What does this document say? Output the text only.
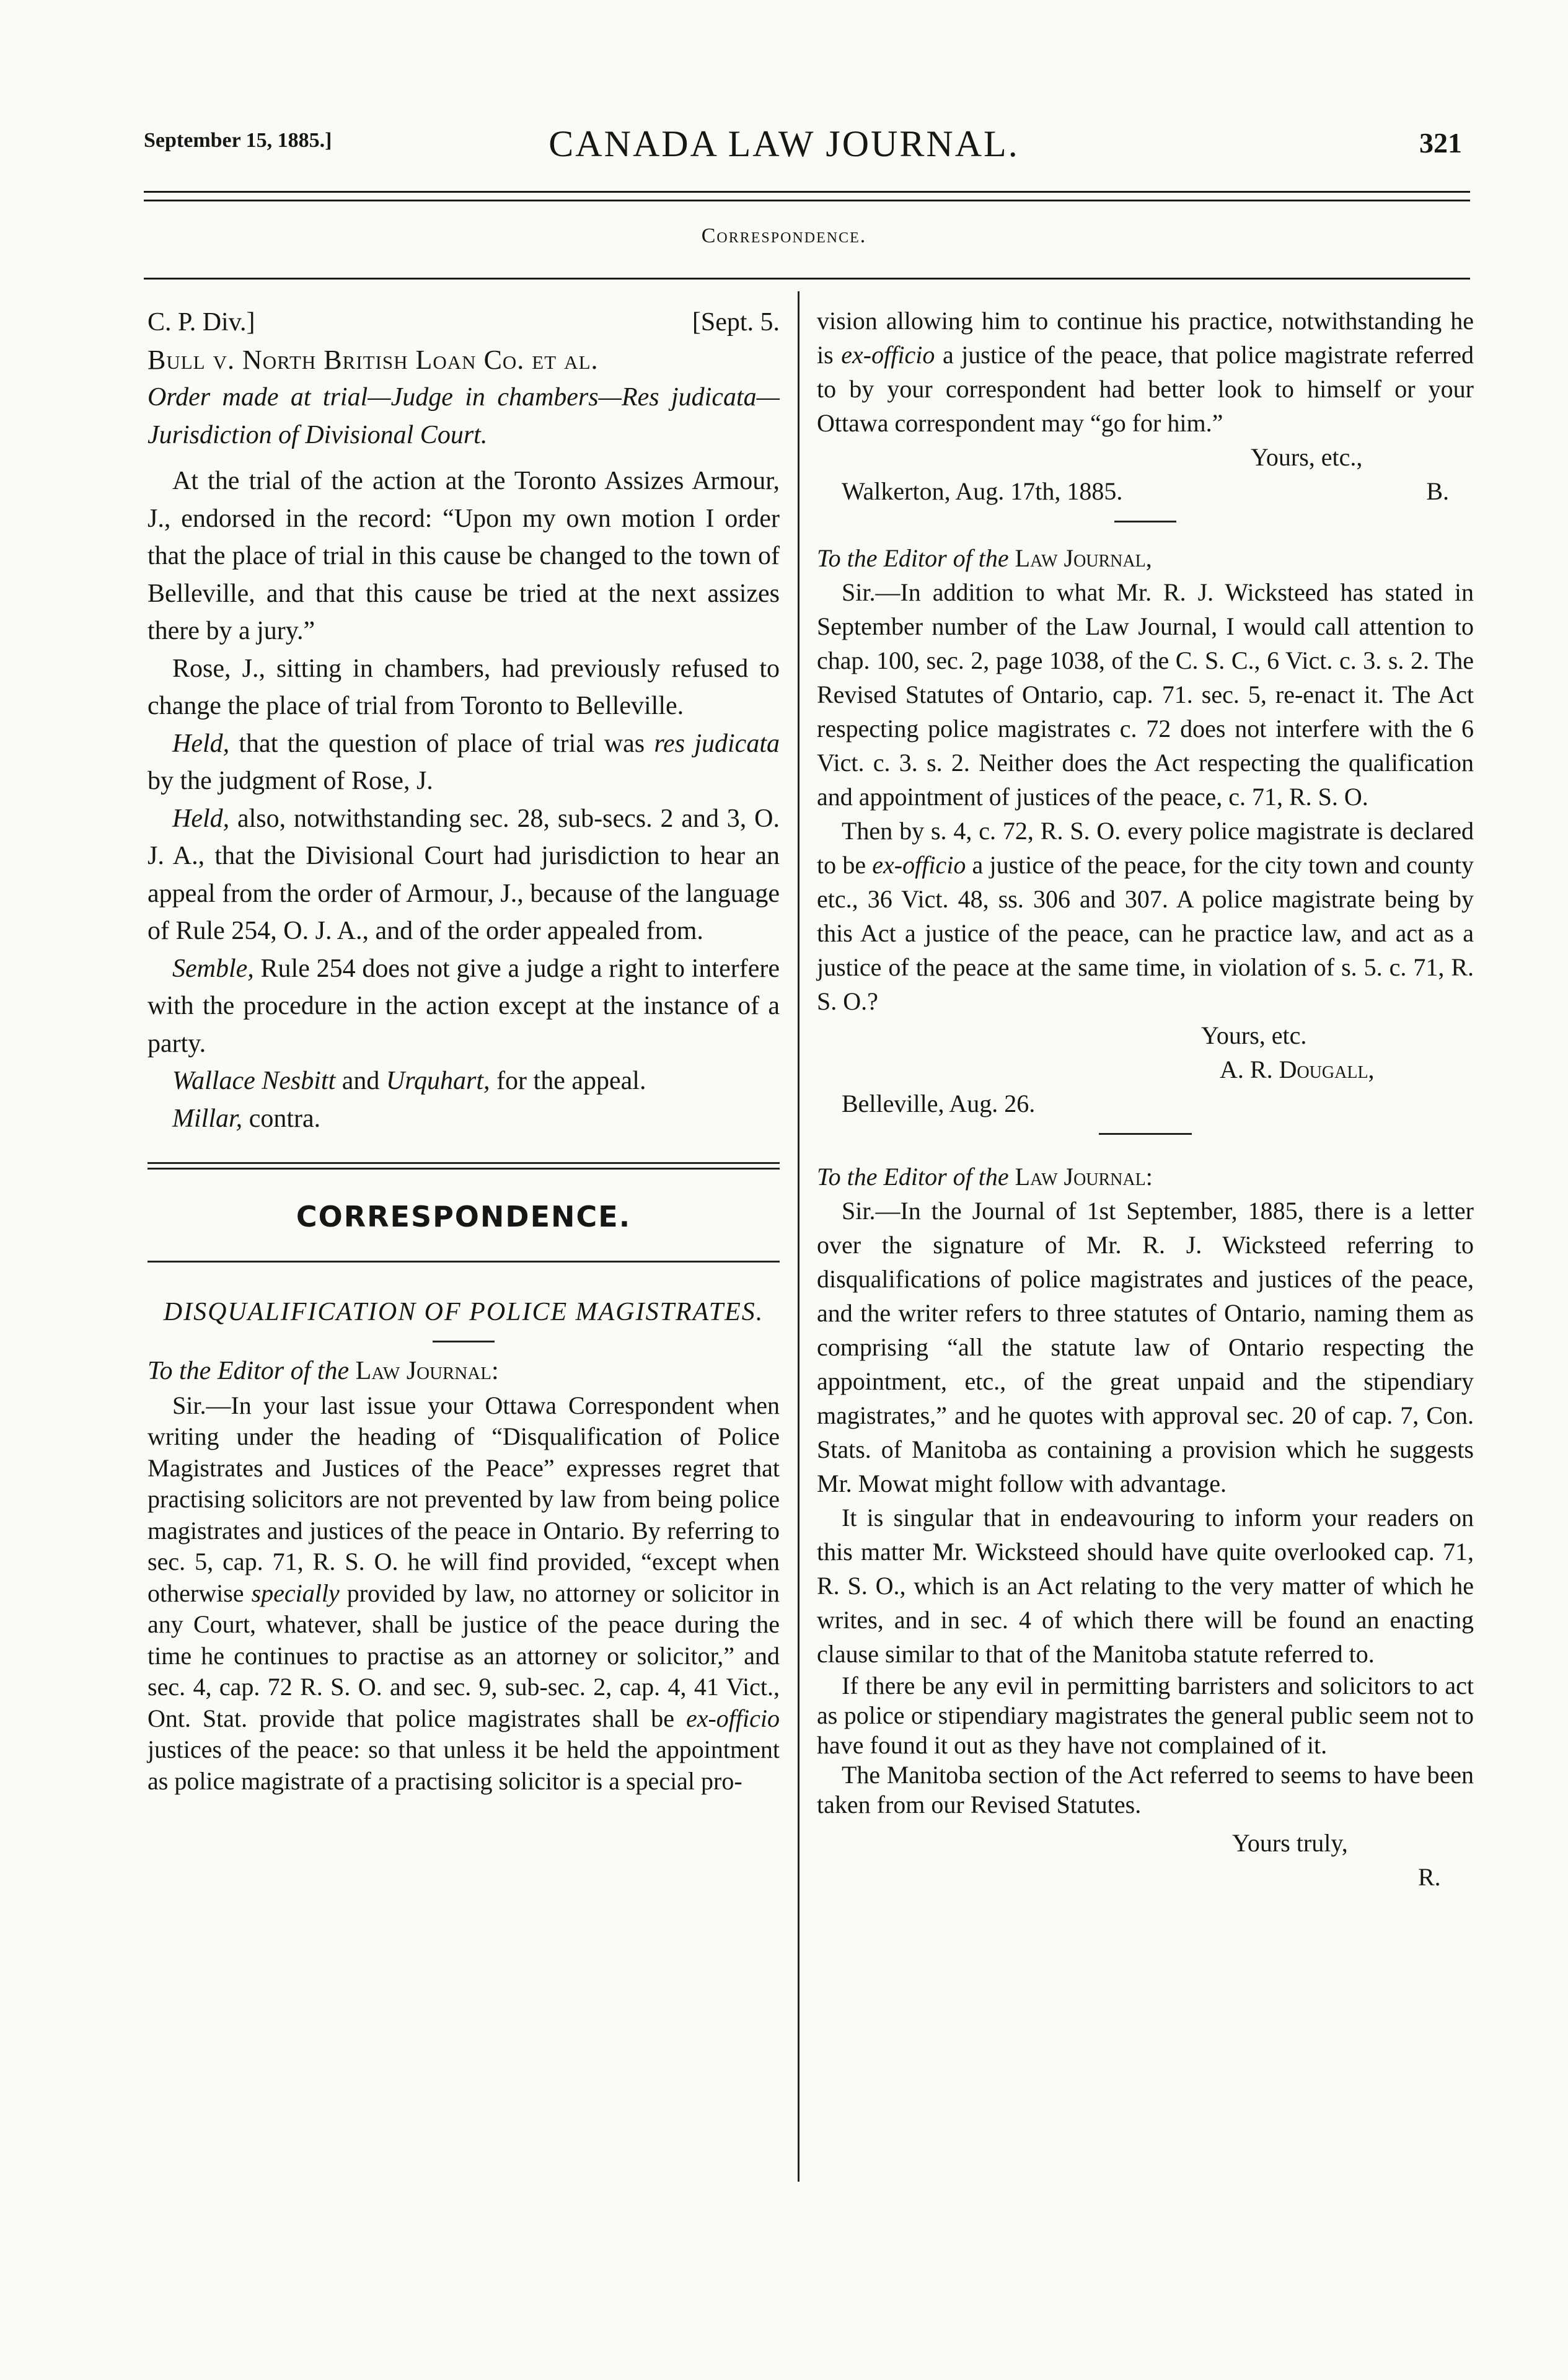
September 15, 1885.]	CANADA LAW JOURNAL.	321
Correspondence.
C. P. Div.]	[Sept. 5.

Bull v. North British Loan Co. et al.

Order made at trial—Judge in chambers—Res judicata—Jurisdiction of Divisional Court.

At the trial of the action at the Toronto Assizes Armour, J., endorsed in the record: “Upon my own motion I order that the place of trial in this cause be changed to the town of Belleville, and that this cause be tried at the next assizes there by a jury.”

Rose, J., sitting in chambers, had previously refused to change the place of trial from Toronto to Belleville.

Held, that the question of place of trial was res judicata by the judgment of Rose, J.

Held, also, notwithstanding sec. 28, sub-secs. 2 and 3, O. J. A., that the Divisional Court had jurisdiction to hear an appeal from the order of Armour, J., because of the language of Rule 254, O. J. A., and of the order appealed from.

Semble, Rule 254 does not give a judge a right to interfere with the procedure in the action except at the instance of a party.

Wallace Nesbitt and Urquhart, for the appeal.

Millar, contra.

CORRESPONDENCE.

DISQUALIFICATION OF POLICE MAGISTRATES.

To the Editor of the Law Journal:

Sir.—In your last issue your Ottawa Correspondent when writing under the heading of “Disqualification of Police Magistrates and Justices of the Peace” expresses regret that practising solicitors are not prevented by law from being police magistrates and justices of the peace in Ontario. By referring to sec. 5, cap. 71, R. S. O. he will find provided, “except when otherwise specially provided by law, no attorney or solicitor in any Court, whatever, shall be justice of the peace during the time he continues to practise as an attorney or solicitor,” and sec. 4, cap. 72 R. S. O. and sec. 9, sub-sec. 2, cap. 4, 41 Vict., Ont. Stat. provide that police magistrates shall be ex-officio justices of the peace: so that unless it be held the appointment as police magistrate of a practising solicitor is a special pro-

vision allowing him to continue his practice, notwithstanding he is ex-officio a justice of the peace, that police magistrate referred to by your correspondent had better look to himself or your Ottawa correspondent may “go for him.”

Yours, etc.,

Walkerton, Aug. 17th, 1885.	B.

To the Editor of the Law Journal,

Sir.—In addition to what Mr. R. J. Wicksteed has stated in September number of the Law Journal, I would call attention to chap. 100, sec. 2, page 1038, of the C. S. C., 6 Vict. c. 3. s. 2. The Revised Statutes of Ontario, cap. 71. sec. 5, re-enact it. The Act respecting police magistrates c. 72 does not interfere with the 6 Vict. c. 3. s. 2. Neither does the Act respecting the qualification and appointment of justices of the peace, c. 71, R. S. O.

Then by s. 4, c. 72, R. S. O. every police magistrate is declared to be ex-officio a justice of the peace, for the city town and county etc., 36 Vict. 48, ss. 306 and 307. A police magistrate being by this Act a justice of the peace, can he practice law, and act as a justice of the peace at the same time, in violation of s. 5. c. 71, R. S. O.?

Yours, etc.

A. R. Dougall,

Belleville, Aug. 26.

To the Editor of the Law Journal:

Sir.—In the Journal of 1st September, 1885, there is a letter over the signature of Mr. R. J. Wicksteed referring to disqualifications of police magistrates and justices of the peace, and the writer refers to three statutes of Ontario, naming them as comprising “all the statute law of Ontario respecting the appointment, etc., of the great unpaid and the stipendiary magistrates,” and he quotes with approval sec. 20 of cap. 7, Con. Stats. of Manitoba as containing a provision which he suggests Mr. Mowat might follow with advantage.

It is singular that in endeavouring to inform your readers on this matter Mr. Wicksteed should have quite overlooked cap. 71, R. S. O., which is an Act relating to the very matter of which he writes, and in sec. 4 of which there will be found an enacting clause similar to that of the Manitoba statute referred to.

If there be any evil in permitting barristers and solicitors to act as police or stipendiary magistrates the general public seem not to have found it out as they have not complained of it.

The Manitoba section of the Act referred to seems to have been taken from our Revised Statutes.

Yours truly,

R.
